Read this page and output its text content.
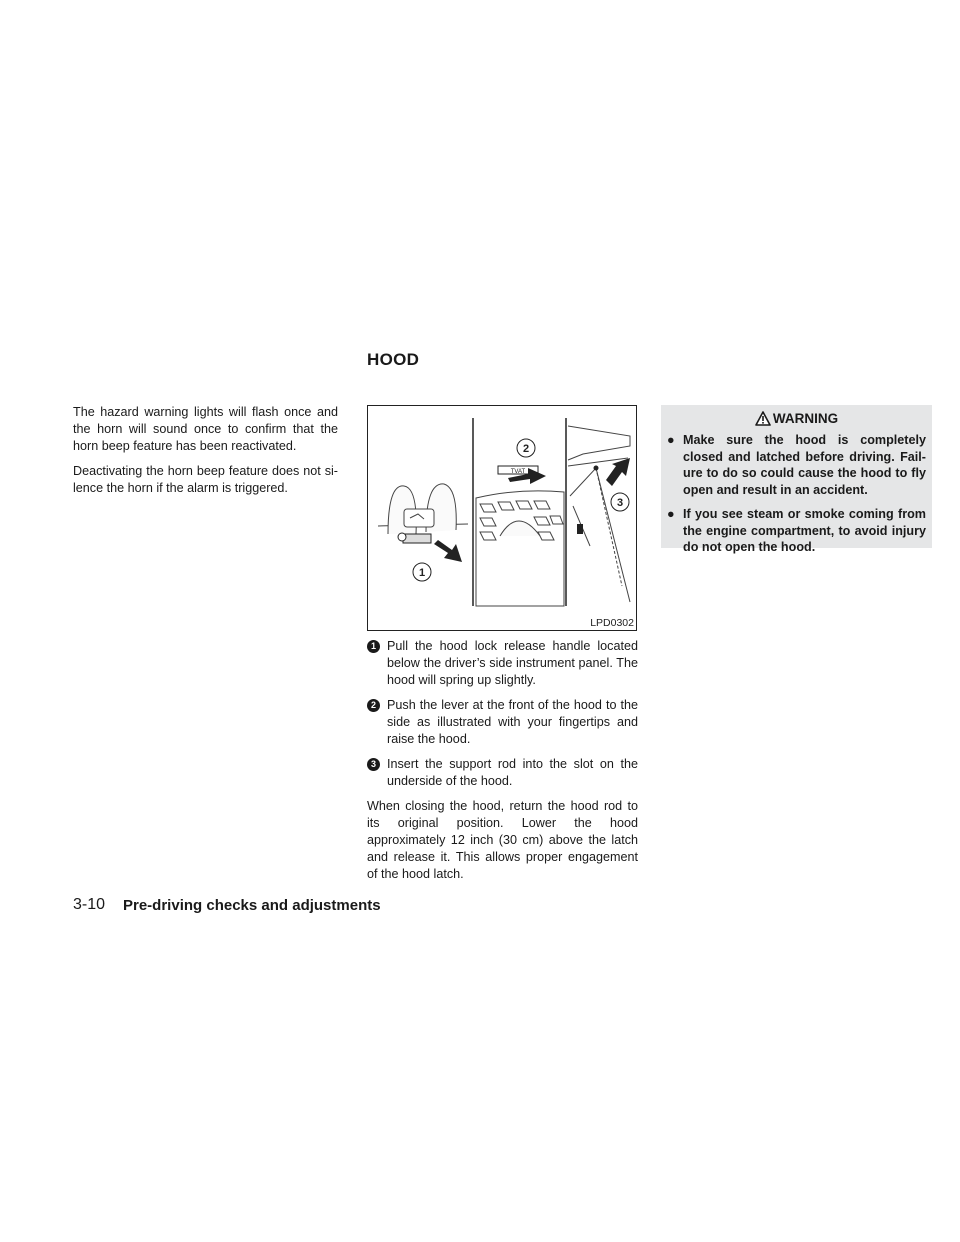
HOOD

The hazard warning lights will flash once and the horn will sound once to confirm that the horn beep feature has been reactivated.

Deactivating the horn beep feature does not si-lence the horn if the alarm is triggered.

1
TVAT
2
3
LPD0302
1 Pull the hood lock release handle located below the driver’s side instrument panel. The hood will spring up slightly.
2 Push the lever at the front of the hood to the side as illustrated with your fingertips and raise the hood.
3 Insert the support rod into the slot on the underside of the hood.
When closing the hood, return the hood rod to its original position. Lower the hood approximately 12 inch (30 cm) above the latch and release it. This allows proper engagement of the hood latch.
WARNING
● Make sure the hood is completely closed and latched before driving. Fail-ure to do so could cause the hood to fly open and result in an accident.
● If you see steam or smoke coming from the engine compartment, to avoid injury do not open the hood.
3-10 Pre-driving checks and adjustments
